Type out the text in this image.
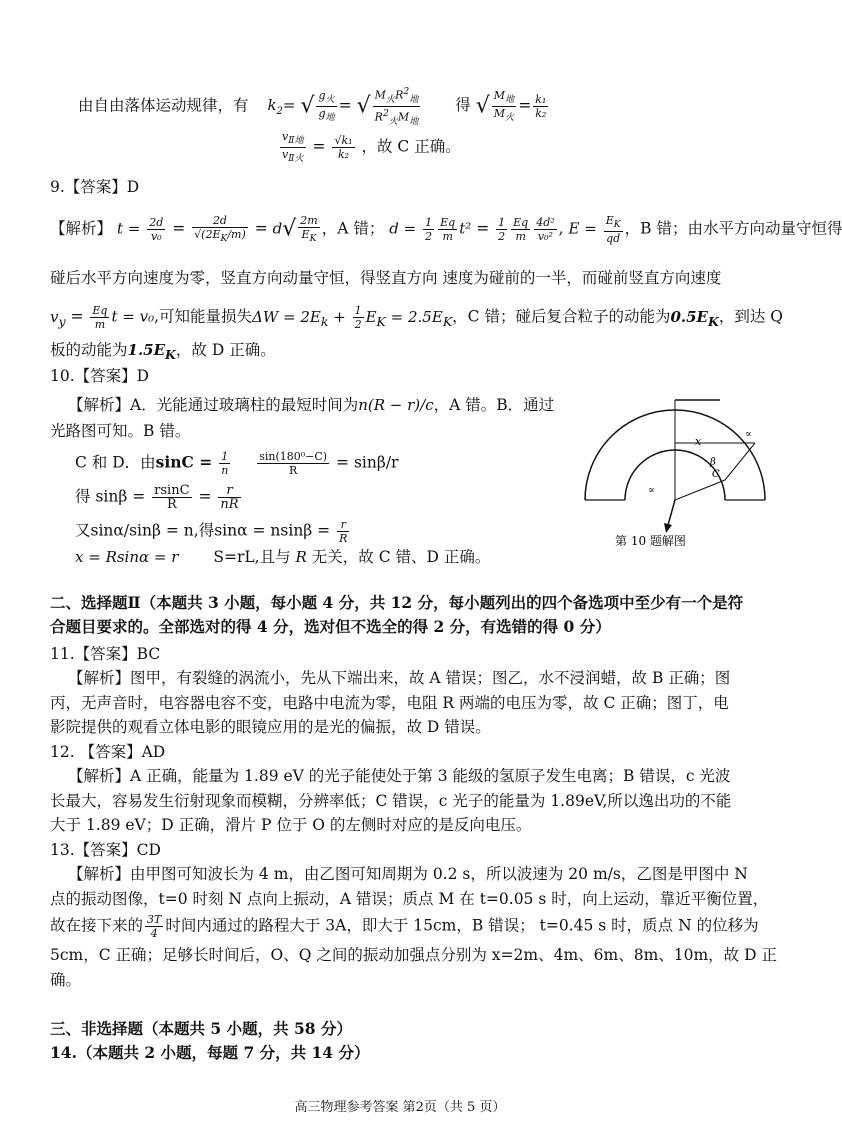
由自由落体运动规律，有 $k_2=$ √ $\frac{g_火}{g_地}$ = √ $\frac{M_火R^2_地}{R^2_火M_地}$ 得 √ $\frac{M_地}{M_火} = \frac{\text{k₁}}{\text{k₂}}$
$\frac{v_{Ⅱ地}}{v_{Ⅱ火}} = \frac{\text{√k₁}}{\text{k₂}}$ ，故 C 正确。
9.【答案】D
【解析】 $t = \frac{2d}{\text{v₀}} = \frac{2d}{√(2E_K/m)} = d√ \frac{2m}{E_K}$ ，A 错； $d = \frac{1}{2} \frac{Eq}{m} t^2 = \frac{1}{2} \frac{Eq}{m} \frac{\text{4d²}}{\text{v₀²}}$ , $E = \frac{E_K}{qd}$ ，B 错；由水平方向动量守恒得
碰后水平方向速度为零，竖直方向动量守恒，得竖直方向 速度为碰前的一半，而碰前竖直方向速度
$v_y = \frac{Eq}{m}$ t = v₀,可知能量损失$\Delta W = 2E_k + \frac{1}{2} E_K = 2.5E_K$，C 错；碰后复合粒子的动能为$0.5E_K$，到达 Q
板的动能为$1.5E_K$，故 D 正确。
10.【答案】D
【解析】A．光能通过玻璃柱的最短时间为n(R − r)/c，A 错。B．通过
光路图可知。B 错。
C 和 D．由$\sin C = \frac{1}{n}$
$\frac{\text{sin(180⁰−C)}}{R} = \sin\beta/r$
得 $\sin\beta = \frac{rsinC}{R} = \frac{r}{nR}$
又sinα/sinβ = n,得$\sin\alpha = nsin\beta = \frac{r}{R}$
x = Rsinα = r S=rL,且与 R 无关，故 C 错、D 正确。
x
∝
β
C
∝
第 10 题解图
二、选择题Ⅱ（本题共 3 小题，每小题 4 分，共 12 分，每小题列出的四个备选项中至少有一个是符
合题目要求的。全部选对的得 4 分，选对但不选全的得 2 分，有选错的得 0 分）
11.【答案】BC
【解析】图甲，有裂缝的涡流小，先从下端出来，故 A 错误；图乙，水不浸润蜡，故 B 正确；图
丙，无声音时，电容器电容不变，电路中电流为零，电阻 R 两端的电压为零，故 C 正确；图丁，电
影院提供的观看立体电影的眼镜应用的是光的偏振，故 D 错误。
12. 【答案】AD
【解析】A 正确，能量为 1.89 eV 的光子能使处于第 3 能级的氢原子发生电离；B 错误，c 光波
长最大，容易发生衍射现象而模糊，分辨率低；C 错误，c 光子的能量为 1.89eV,所以逸出功的不能
大于 1.89 eV；D 正确，滑片 P 位于 O 的左侧时对应的是反向电压。
13.【答案】CD
【解析】由甲图可知波长为 4 m，由乙图可知周期为 0.2 s，所以波速为 20 m/s，乙图是甲图中 N
点的振动图像，t=0 时刻 N 点向上振动，A 错误；质点 M 在 t=0.05 s 时，向上运动，靠近平衡位置，
故在接下来的 $\frac{3T}{4}$ 时间内通过的路程大于 3A，即大于 15cm，B 错误； t=0.45 s 时，质点 N 的位移为
5cm，C 正确；足够长时间后，O、Q 之间的振动加强点分别为 x=2m、4m、6m、8m、10m，故 D 正
确。
三、非选择题（本题共 5 小题，共 58 分）
14.（本题共 2 小题，每题 7 分，共 14 分）
高三物理参考答案 第2页（共 5 页）
